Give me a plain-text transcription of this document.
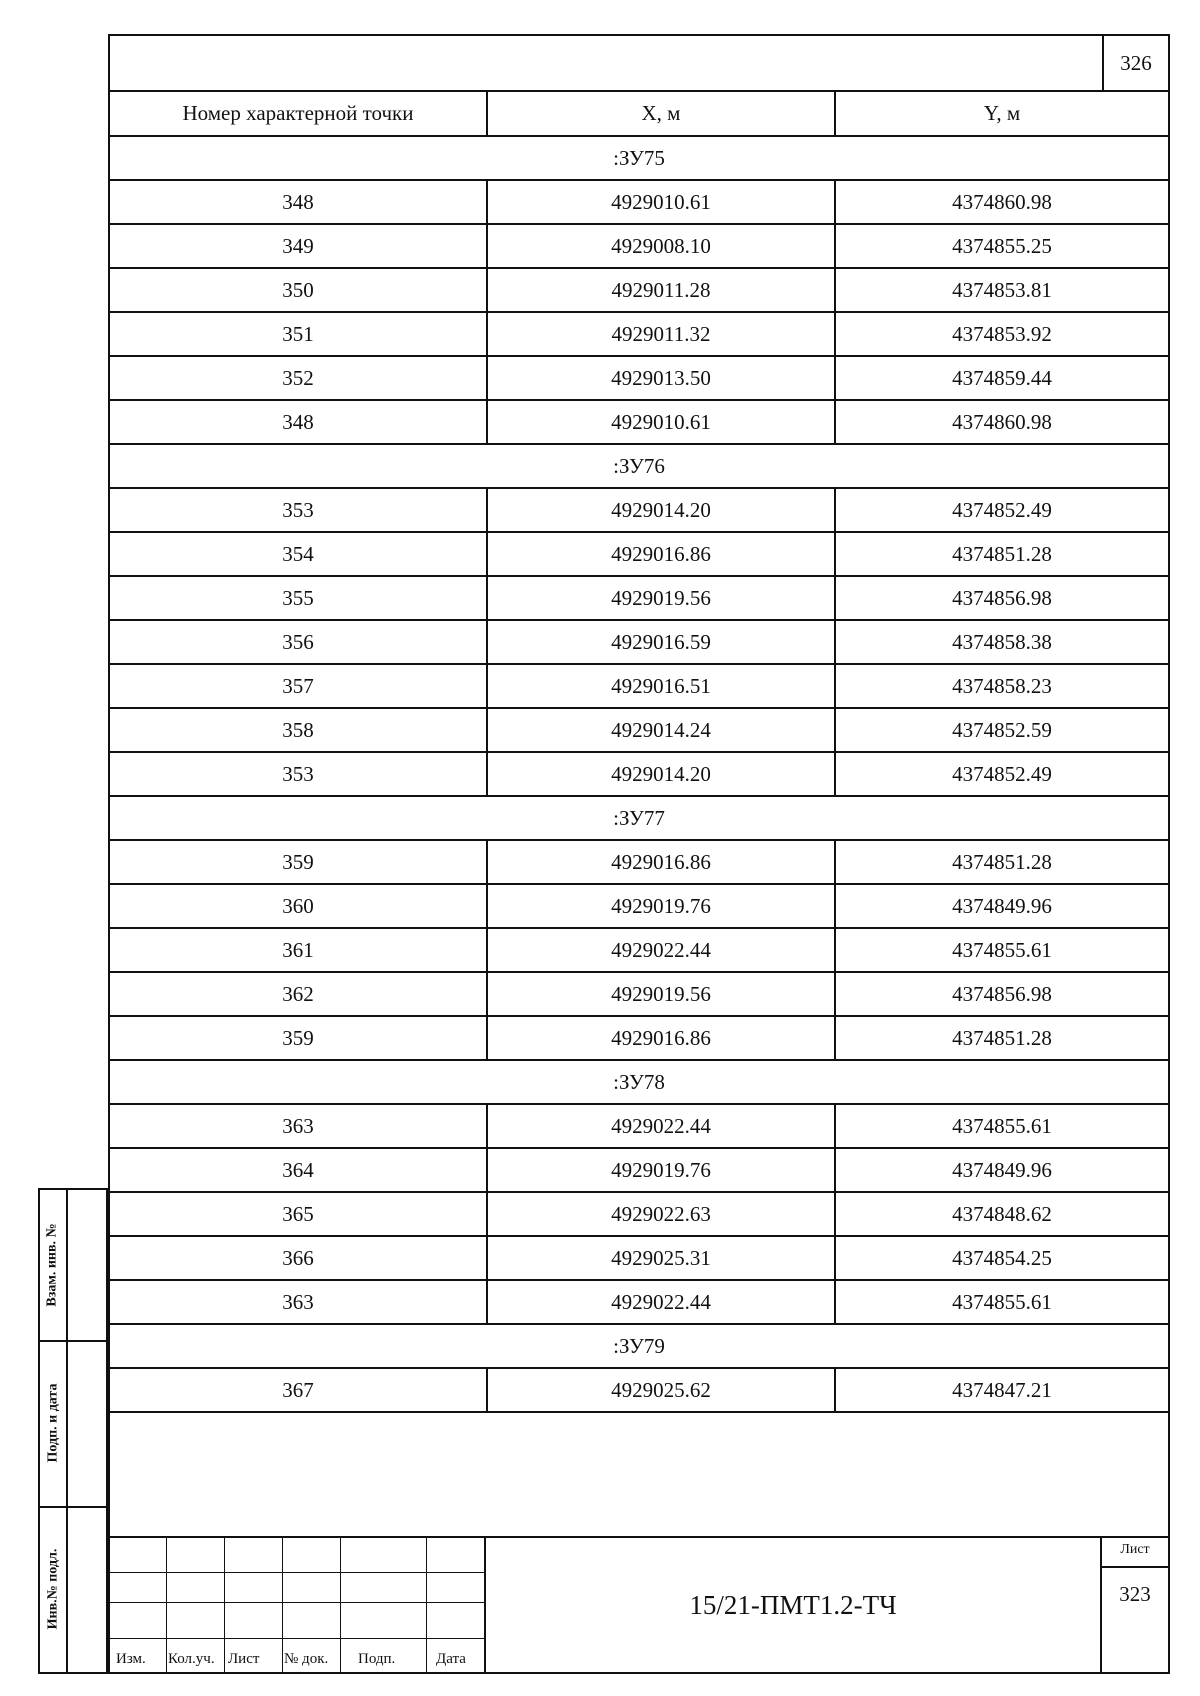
326
Номер характерной точки	X, м	Y, м
:ЗУ75		
348	4929010.61	4374860.98
349	4929008.10	4374855.25
350	4929011.28	4374853.81
351	4929011.32	4374853.92
352	4929013.50	4374859.44
348	4929010.61	4374860.98
:ЗУ76		
353	4929014.20	4374852.49
354	4929016.86	4374851.28
355	4929019.56	4374856.98
356	4929016.59	4374858.38
357	4929016.51	4374858.23
358	4929014.24	4374852.59
353	4929014.20	4374852.49
:ЗУ77		
359	4929016.86	4374851.28
360	4929019.76	4374849.96
361	4929022.44	4374855.61
362	4929019.56	4374856.98
359	4929016.86	4374851.28
:ЗУ78		
363	4929022.44	4374855.61
364	4929019.76	4374849.96
365	4929022.63	4374848.62
366	4929025.31	4374854.25
363	4929022.44	4374855.61
:ЗУ79		
367	4929025.62	4374847.21

Изм. Кол.уч. Лист № док. Подп.	Дата
15/21-ПМТ1.2-ТЧ
Лист
323
Взам. инв. №
Подп. и дата
Инв.№ подл.
